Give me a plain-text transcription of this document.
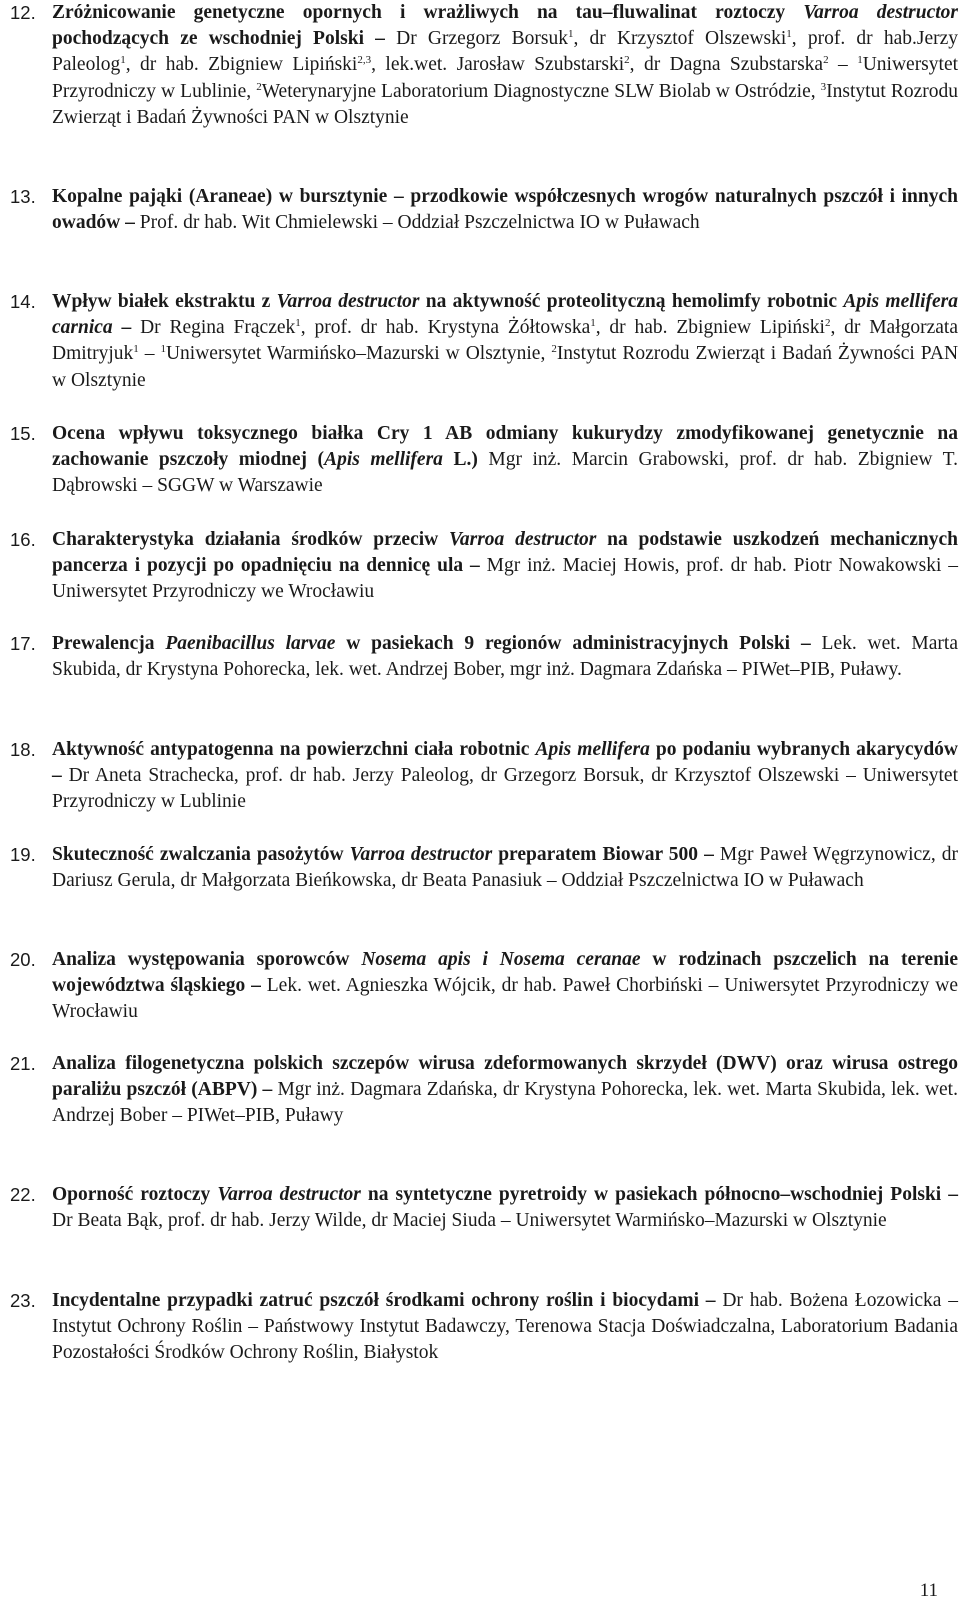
12. Zróżnicowanie genetyczne opornych i wrażliwych na tau–fluwalinat roztoczy Varroa destructor pochodzących ze wschodniej Polski – Dr Grzegorz Borsuk$^1$, dr Krzysztof Olszewski$^1$, prof. dr hab.Jerzy Paleolog$^1$, dr hab. Zbigniew Lipiński$^{2,3}$, lek.wet. Jarosław Szubstarski$^2$, dr Dagna Szubstarska$^2$ – $^1$Uniwersytet Przyrodniczy w Lublinie, $^2$Weterynaryjne Laboratorium Diagnostyczne SLW Biolab w Ostródzie, $^3$Instytut Rozrodu Zwierząt i Badań Żywności PAN w Olsztynie
13. Kopalne pająki (Araneae) w bursztynie – przodkowie współczesnych wrogów naturalnych pszczół i innych owadów – Prof. dr hab. Wit Chmielewski – Oddział Pszczelnictwa IO w Puławach
14. Wpływ białek ekstraktu z Varroa destructor na aktywność proteolityczną hemolimfy robotnic Apis mellifera carnica – Dr Regina Frączek$^1$, prof. dr hab. Krystyna Żółtowska$^1$, dr hab. Zbigniew Lipiński$^2$, dr Małgorzata Dmitryjuk$^1$ – $^1$Uniwersytet Warmińsko–Mazurski w Olsztynie, $^2$Instytut Rozrodu Zwierząt i Badań Żywności PAN w Olsztynie
15. Ocena wpływu toksycznego białka Cry 1 AB odmiany kukurydzy zmodyfikowanej genetycznie na zachowanie pszczoły miodnej (Apis mellifera L.) Mgr inż. Marcin Grabowski, prof. dr hab. Zbigniew T. Dąbrowski – SGGW w Warszawie
16. Charakterystyka działania środków przeciw Varroa destructor na podstawie uszkodzeń mechanicznych pancerza i pozycji po opadnięciu na dennicę ula – Mgr inż. Maciej Howis, prof. dr hab. Piotr Nowakowski – Uniwersytet Przyrodniczy we Wrocławiu
17. Prewalencja Paenibacillus larvae w pasiekach 9 regionów administracyjnych Polski – Lek. wet. Marta Skubida, dr Krystyna Pohorecka, lek. wet. Andrzej Bober, mgr inż. Dagmara Zdańska – PIWet–PIB, Puławy.
18. Aktywność antypatogenna na powierzchni ciała robotnic Apis mellifera po podaniu wybranych akarycydów – Dr Aneta Strachecka, prof. dr hab. Jerzy Paleolog, dr Grzegorz Borsuk, dr Krzysztof Olszewski – Uniwersytet Przyrodniczy w Lublinie
19. Skuteczność zwalczania pasożytów Varroa destructor preparatem Biowar 500 – Mgr Paweł Węgrzynowicz, dr Dariusz Gerula, dr Małgorzata Bieńkowska, dr Beata Panasiuk – Oddział Pszczelnictwa IO w Puławach
20. Analiza występowania sporowców Nosema apis i Nosema ceranae w rodzinach pszczelich na terenie województwa śląskiego – Lek. wet. Agnieszka Wójcik, dr hab. Paweł Chorbiński – Uniwersytet Przyrodniczy we Wrocławiu
21. Analiza filogenetyczna polskich szczepów wirusa zdeformowanych skrzydeł (DWV) oraz wirusa ostrego paraliżu pszczół (ABPV) – Mgr inż. Dagmara Zdańska, dr Krystyna Pohorecka, lek. wet. Marta Skubida, lek. wet. Andrzej Bober – PIWet–PIB, Puławy
22. Oporność roztoczy Varroa destructor na syntetyczne pyretroidy w pasiekach północno–wschodniej Polski – Dr Beata Bąk, prof. dr hab. Jerzy Wilde, dr Maciej Siuda – Uniwersytet Warmińsko–Mazurski w Olsztynie
23. Incydentalne przypadki zatruć pszczół środkami ochrony roślin i biocydami – Dr hab. Bożena Łozowicka – Instytut Ochrony Roślin – Państwowy Instytut Badawczy, Terenowa Stacja Doświadczalna, Laboratorium Badania Pozostałości Środków Ochrony Roślin, Białystok
11
